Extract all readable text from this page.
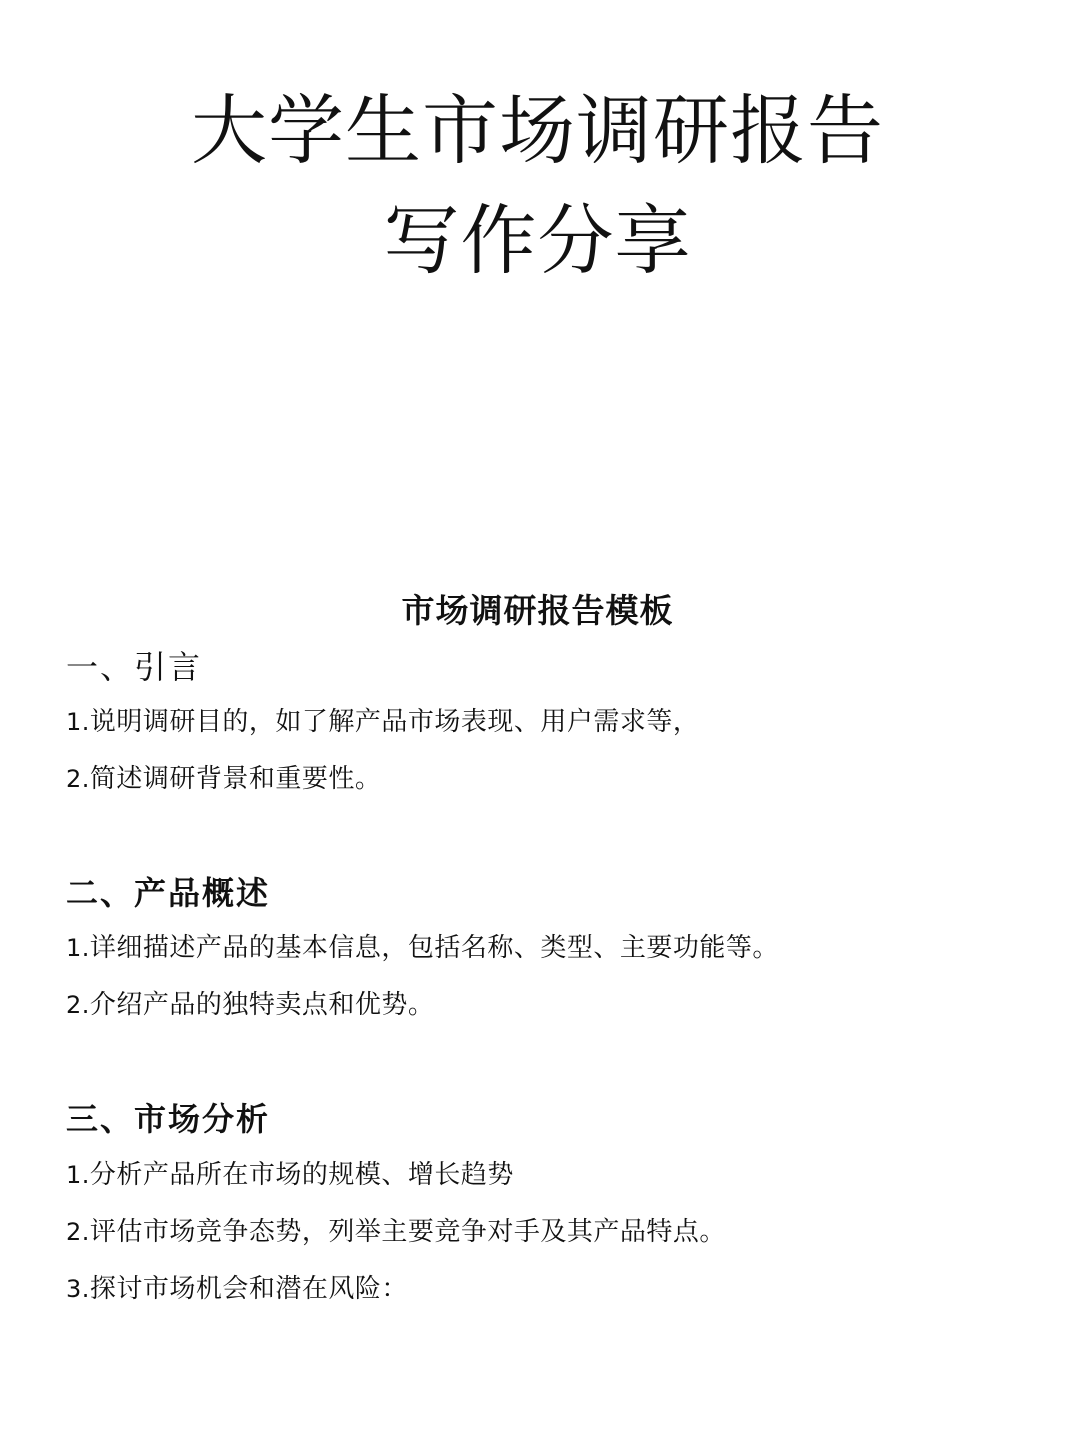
大学生市场调研报告
写作分享
市场调研报告模板
一、引言
1.说明调研目的，如了解产品市场表现、用户需求等，
2.简述调研背景和重要性。
二、产品概述
1.详细描述产品的基本信息，包括名称、类型、主要功能等。
2.介绍产品的独特卖点和优势。
三、市场分析
1.分析产品所在市场的规模、增长趋势
2.评估市场竞争态势，列举主要竞争对手及其产品特点。
3.探讨市场机会和潜在风险：
